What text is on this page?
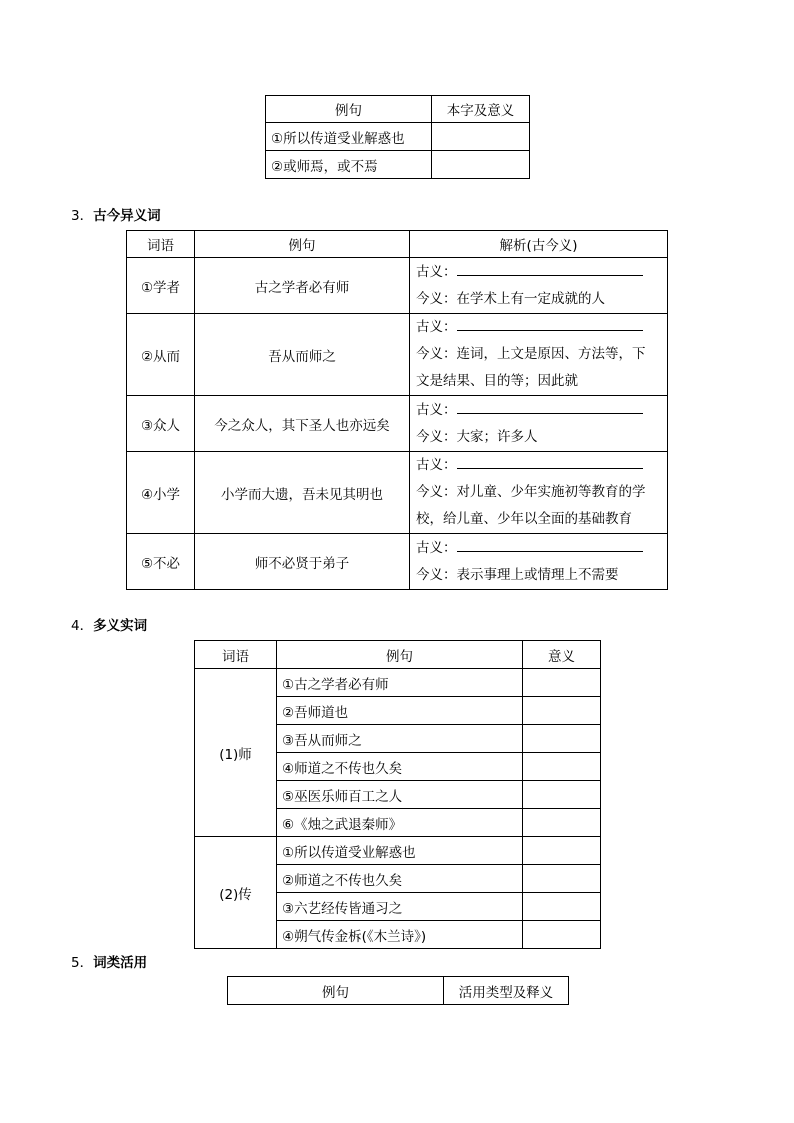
例句	本字及意义
①所以传道受业解惑也	
②或师焉，或不焉	
3．古今异义词
词语	例句	解析(古今义)
①学者	古之学者必有师	古义：
今义：在学术上有一定成就的人

②从而	吾从而师之	古义：
今义：连词，上文是原因、方法等，下
文是结果、目的等；因此就

③众人	今之众人，其下圣人也亦远矣	古义：
今义：大家；许多人

④小学	小学而大遗，吾未见其明也	古义：
今义：对儿童、少年实施初等教育的学
校，给儿童、少年以全面的基础教育

⑤不必	师不必贤于弟子	古义：
今义：表示事理上或情理上不需要
4．多义实词
词语	例句	意义
(1)师	①古之学者必有师	
	②吾师道也	
	③吾从而师之	
	④师道之不传也久矣	
	⑤巫医乐师百工之人	
	⑥《烛之武退秦师》	
(2)传	①所以传道受业解惑也	
	②师道之不传也久矣	
	③六艺经传皆通习之	
	④朔气传金柝(《木兰诗》)	
5．词类活用
例句	活用类型及释义
